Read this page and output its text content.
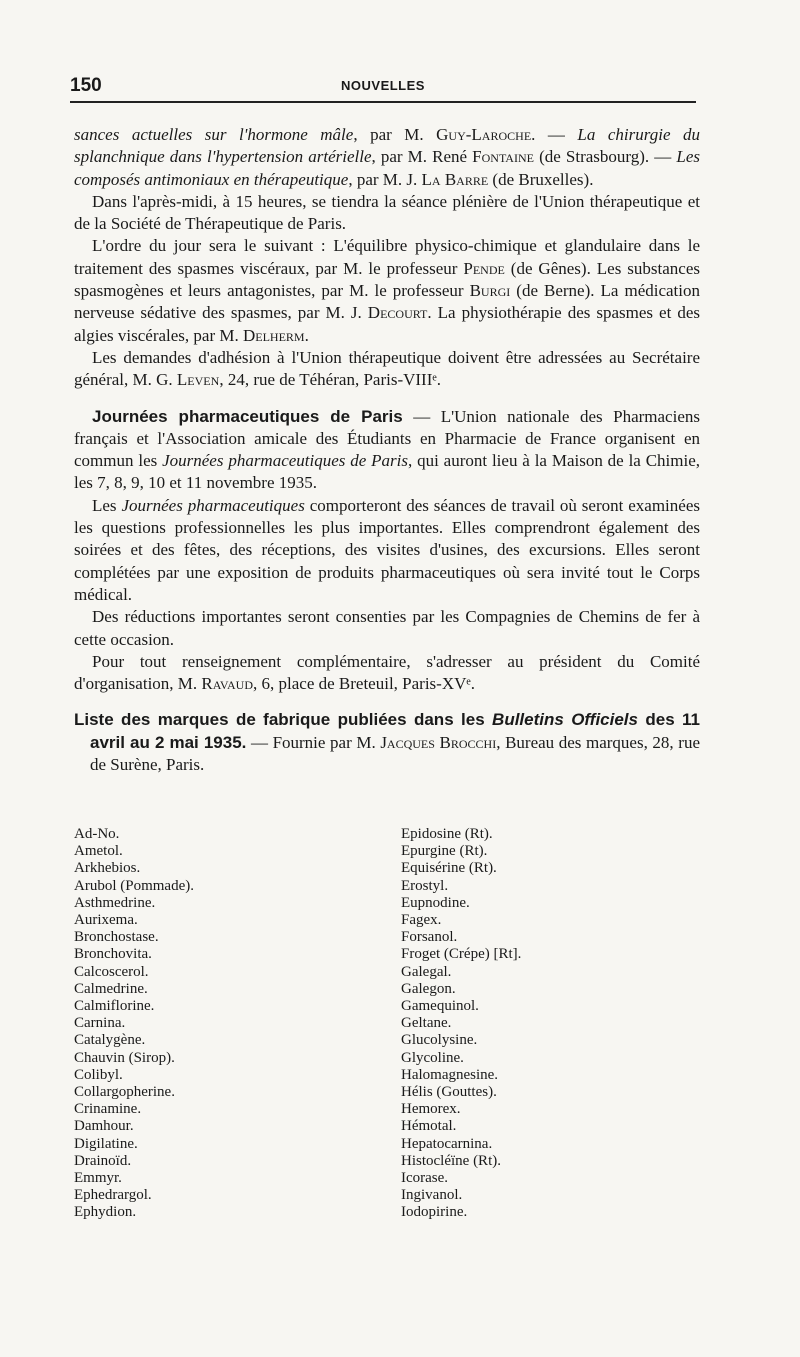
150	NOUVELLES

sances actuelles sur l'hormone mâle, par M. Guy-Laroche. — La chirurgie du splanchnique dans l'hypertension artérielle, par M. René Fontaine (de Strasbourg). — Les composés antimoniaux en thérapeutique, par M. J. La Barre (de Bruxelles).

Dans l'après-midi, à 15 heures, se tiendra la séance plénière de l'Union thérapeutique et de la Société de Thérapeutique de Paris.

L'ordre du jour sera le suivant : L'équilibre physico-chimique et glandulaire dans le traitement des spasmes viscéraux, par M. le professeur Pende (de Gênes). Les substances spasmogènes et leurs antagonistes, par M. le professeur Burgi (de Berne). La médication nerveuse sédative des spasmes, par M. J. Decourt. La physiothérapie des spasmes et des algies viscérales, par M. Delherm.

Les demandes d'adhésion à l'Union thérapeutique doivent être adressées au Secrétaire général, M. G. Leven, 24, rue de Téhéran, Paris-VIIIᵉ.

Journées pharmaceutiques de Paris — L'Union nationale des Pharmaciens français et l'Association amicale des Étudiants en Pharmacie de France organisent en commun les Journées pharmaceutiques de Paris, qui auront lieu à la Maison de la Chimie, les 7, 8, 9, 10 et 11 novembre 1935.

Les Journées pharmaceutiques comporteront des séances de travail où seront examinées les questions professionnelles les plus importantes. Elles comprendront également des soirées et des fêtes, des réceptions, des visites d'usines, des excursions. Elles seront complétées par une exposition de produits pharmaceutiques où sera invité tout le Corps médical.

Des réductions importantes seront consenties par les Compagnies de Chemins de fer à cette occasion.

Pour tout renseignement complémentaire, s'adresser au président du Comité d'organisation, M. Ravaud, 6, place de Breteuil, Paris-XVᵉ.

Liste des marques de fabrique publiées dans les Bulletins Officiels des 11 avril au 2 mai 1935. — Fournie par M. Jacques Brocchi, Bureau des marques, 28, rue de Surène, Paris.

Ad-No.
Ametol.
Arkhebios.
Arubol (Pommade).
Asthmedrine.
Aurixema.
Bronchostase.
Bronchovita.
Calcoscerol.
Calmedrine.
Calmiflorine.
Carnina.
Catalygène.
Chauvin (Sirop).
Colibyl.
Collargopherine.
Crinamine.
Damhour.
Digilatine.
Drainoïd.
Emmyr.
Ephedrargol.
Ephydion.
Epidosine (Rt).
Epurgine (Rt).
Equisérine (Rt).
Erostyl.
Eupnodine.
Fagex.
Forsanol.
Froget (Crépe) [Rt].
Galegal.
Galegon.
Gamequinol.
Geltane.
Glucolysine.
Glycoline.
Halomagnesine.
Hélis (Gouttes).
Hemorex.
Hémotal.
Hepatocarnina.
Histocléïne (Rt).
Icorase.
Ingivanol.
Iodopirine.
